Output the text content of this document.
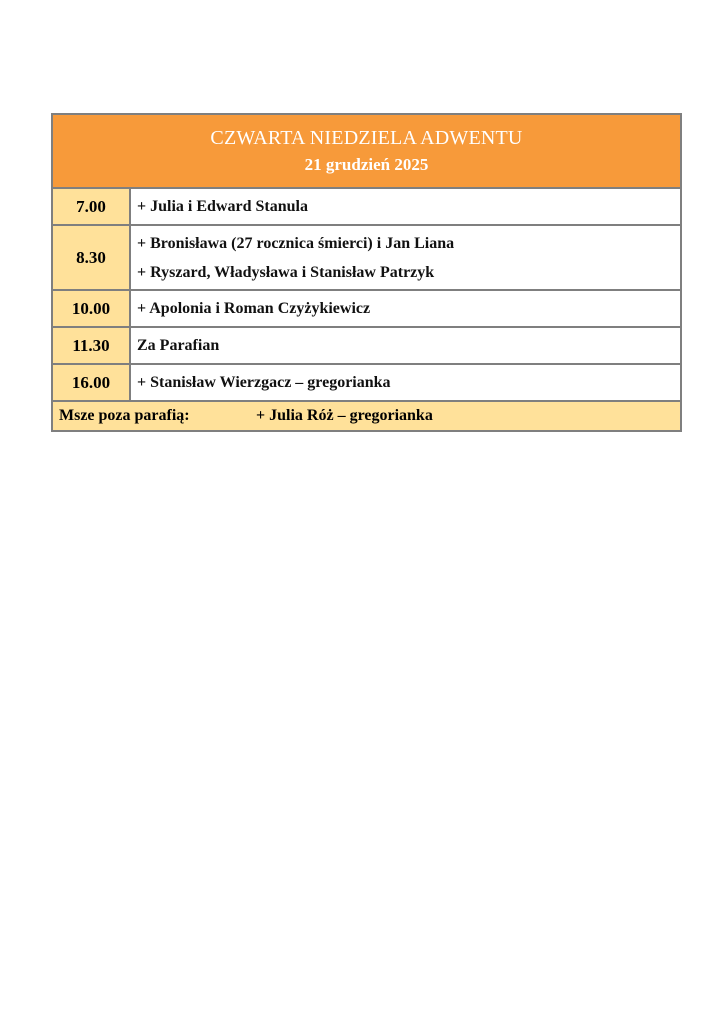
CZWARTA NIEDZIELA ADWENTU
21 grudzień 2025	

7.00	+ Julia i Edward Stanula

8.30	+ Bronisława (27 rocznica śmierci) i Jan Liana
+ Ryszard, Władysława i Stanisław Patrzyk

10.00	+ Apolonia i Roman Czyżykiewicz

11.30	Za Parafian

16.00	+ Stanisław Wierzgacz – gregorianka

Msze poza parafią: + Julia Róż – gregorianka	
